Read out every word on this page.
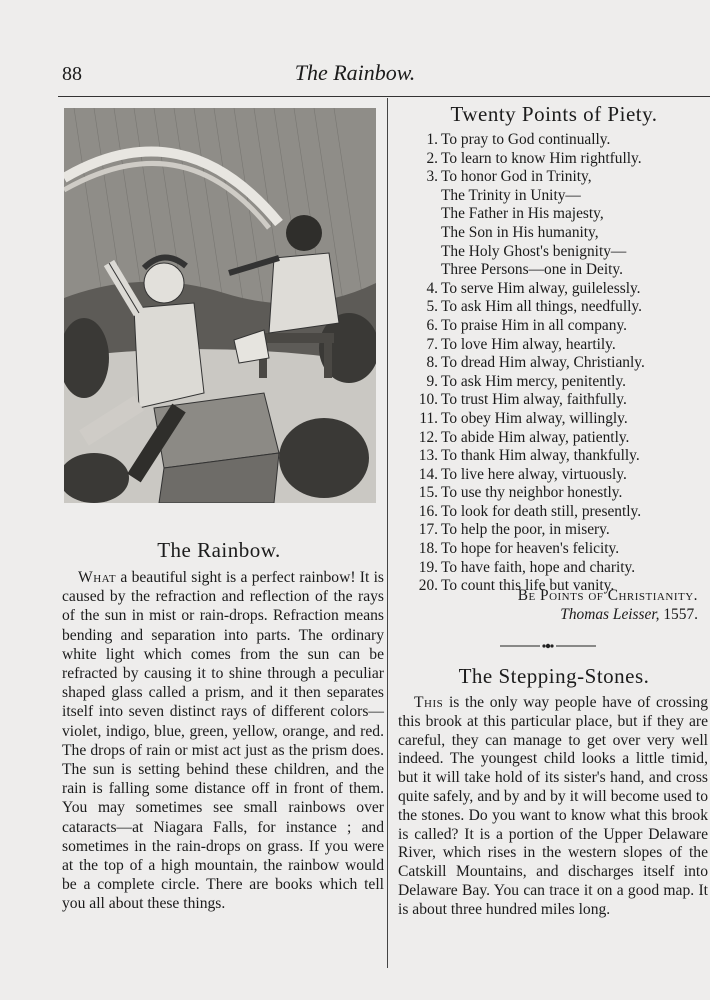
88	The Rainbow.
The Rainbow.

What a beautiful sight is a perfect rainbow! It is caused by the refraction and reflection of the rays of the sun in mist or rain-drops. Refraction means bending and separation into parts. The ordinary white light which comes from the sun can be refracted by causing it to shine through a peculiar shaped glass called a prism, and it then separates itself into seven distinct rays of different colors—violet, indigo, blue, green, yellow, orange, and red. The drops of rain or mist act just as the prism does. The sun is setting behind these children, and the rain is falling some distance off in front of them. You may sometimes see small rainbows over cataracts—at Niagara Falls, for instance ; and sometimes in the rain-drops on grass. If you were at the top of a high mountain, the rainbow would be a complete circle. There are books which tell you all about these things.

Twenty Points of Piety.
1. To pray to God continually.
2. To learn to know Him rightfully.
3. To honor God in Trinity,
The Trinity in Unity—
The Father in His majesty,
The Son in His humanity,
The Holy Ghost's benignity—
Three Persons—one in Deity.
4. To serve Him alway, guilelessly.
5. To ask Him all things, needfully.
6. To praise Him in all company.
7. To love Him alway, heartily.
8. To dread Him alway, Christianly.
9. To ask Him mercy, penitently.
10. To trust Him alway, faithfully.
11. To obey Him alway, willingly.
12. To abide Him alway, patiently.
13. To thank Him alway, thankfully.
14. To live here alway, virtuously.
15. To use thy neighbor honestly.
16. To look for death still, presently.
17. To help the poor, in misery.
18. To hope for heaven's felicity.
19. To have faith, hope and charity.
20. To count this life but vanity.
Be Points of Christianity.
Thomas Leisser, 1557.
The Stepping-Stones.

This is the only way people have of crossing this brook at this particular place, but if they are careful, they can manage to get over very well indeed. The youngest child looks a little timid, but it will take hold of its sister's hand, and cross quite safely, and by and by it will become used to the stones. Do you want to know what this brook is called? It is a portion of the Upper Delaware River, which rises in the western slopes of the Catskill Mountains, and discharges itself into Delaware Bay. You can trace it on a good map. It is about three hundred miles long.
